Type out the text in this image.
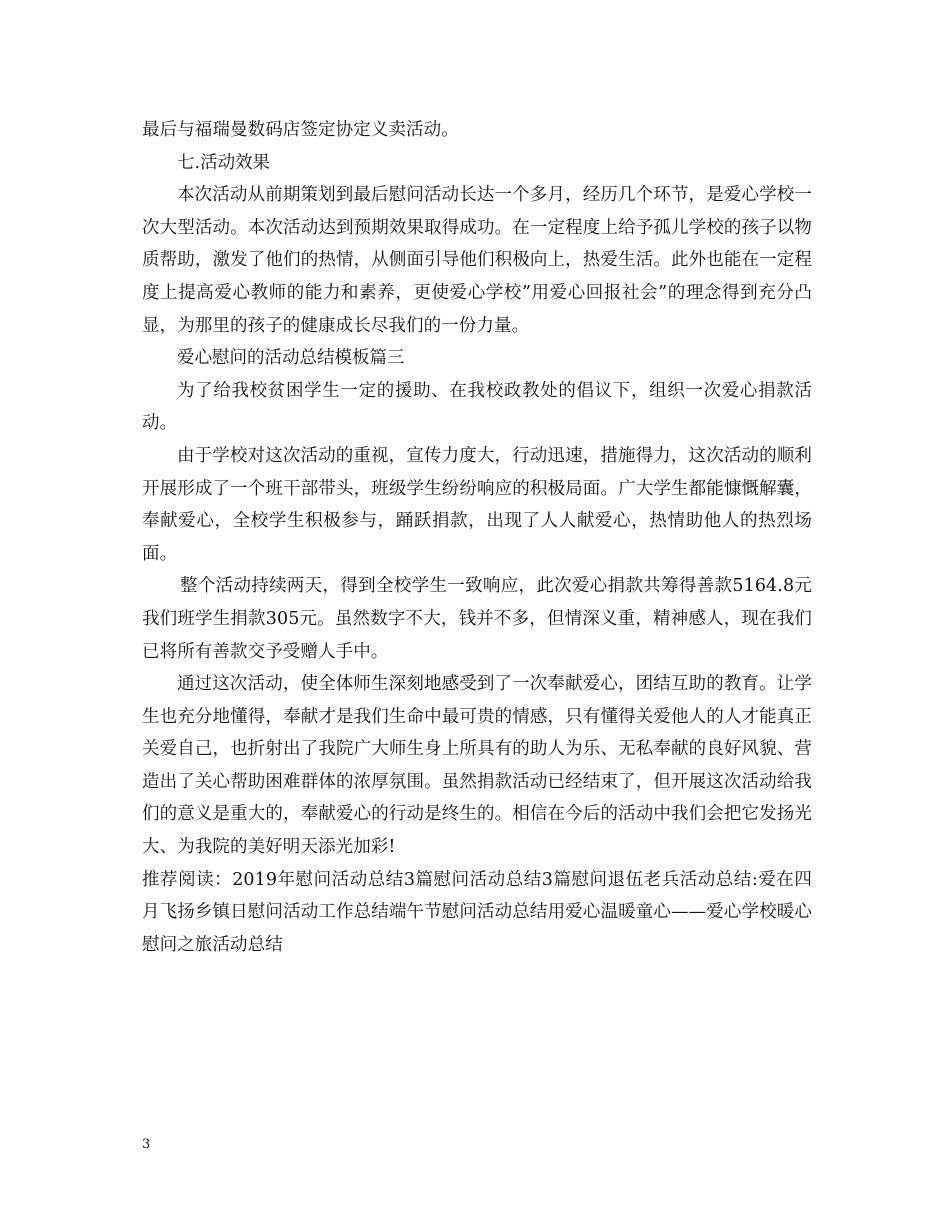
最后与福瑞曼数码店签定协定义卖活动。

七.活动效果

本次活动从前期策划到最后慰问活动长达一个多月，经历几个环节，是爱心学校一次大型活动。本次活动达到预期效果取得成功。在一定程度上给予孤儿学校的孩子以物质帮助，激发了他们的热情，从侧面引导他们积极向上，热爱生活。此外也能在一定程度上提高爱心教师的能力和素养，更使爱心学校”用爱心回报社会”的理念得到充分凸显，为那里的孩子的健康成长尽我们的一份力量。

爱心慰问的活动总结模板篇三

为了给我校贫困学生一定的援助、在我校政教处的倡议下，组织一次爱心捐款活动。

由于学校对这次活动的重视，宣传力度大，行动迅速，措施得力，这次活动的顺利开展形成了一个班干部带头，班级学生纷纷响应的积极局面。广大学生都能慷慨解囊，奉献爱心，全校学生积极参与，踊跃捐款，出现了人人献爱心，热情助他人的热烈场面。

整个活动持续两天，得到全校学生一致响应，此次爱心捐款共筹得善款5164.8元我们班学生捐款305元。虽然数字不大，钱并不多，但情深义重，精神感人，现在我们已将所有善款交予受赠人手中。

通过这次活动，使全体师生深刻地感受到了一次奉献爱心，团结互助的教育。让学生也充分地懂得，奉献才是我们生命中最可贵的情感，只有懂得关爱他人的人才能真正关爱自己，也折射出了我院广大师生身上所具有的助人为乐、无私奉献的良好风貌、营造出了关心帮助困难群体的浓厚氛围。虽然捐款活动已经结束了，但开展这次活动给我们的意义是重大的，奉献爱心的行动是终生的。相信在今后的活动中我们会把它发扬光大、为我院的美好明天添光加彩!

推荐阅读：2019年慰问活动总结3篇慰问活动总结3篇慰问退伍老兵活动总结:爱在四月飞扬乡镇日慰问活动工作总结端午节慰问活动总结用爱心温暖童心——爱心学校暖心慰问之旅活动总结

3
